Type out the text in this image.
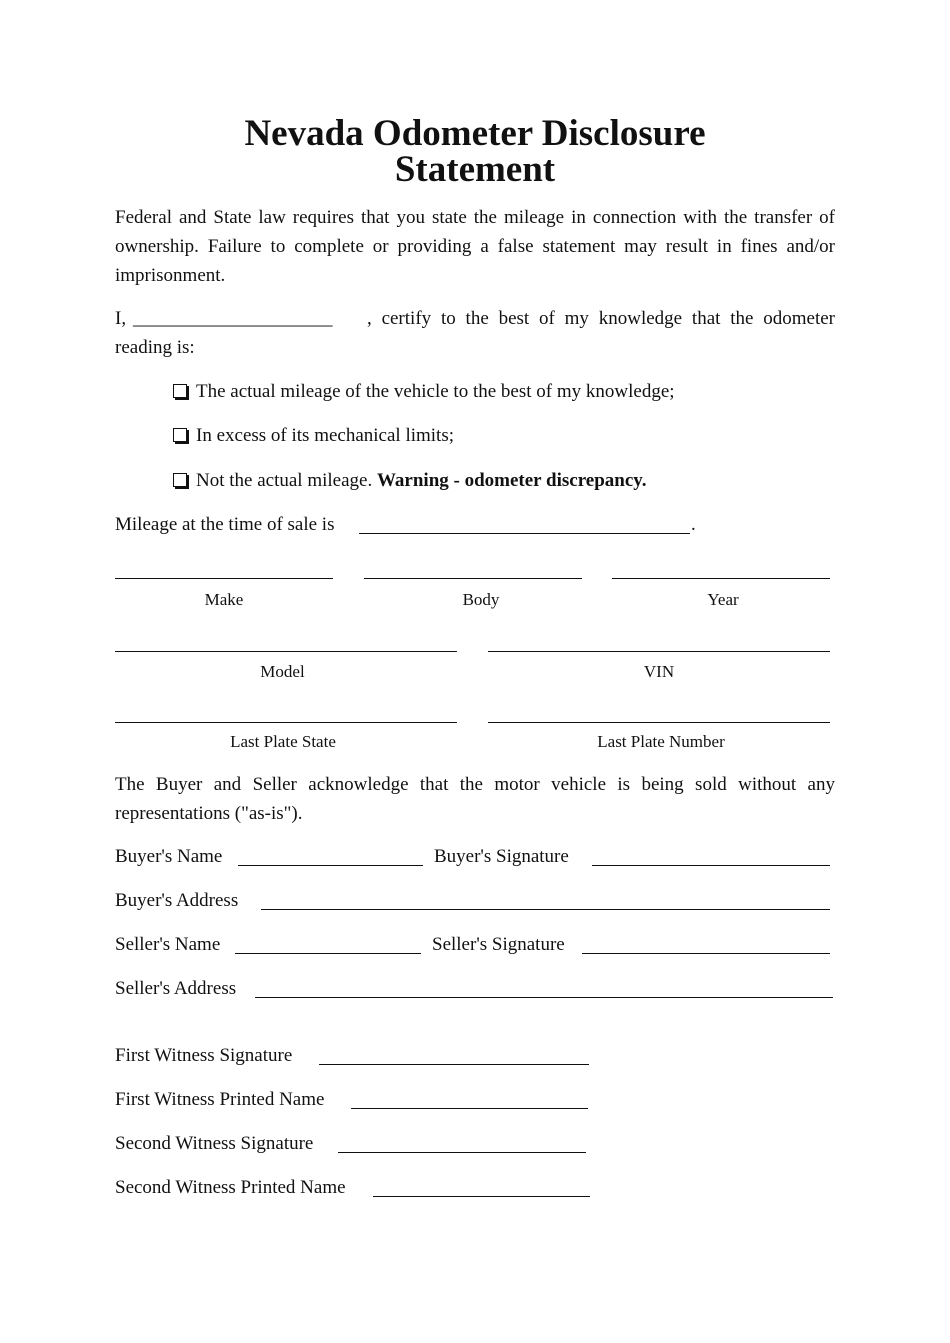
Nevada Odometer Disclosure
Statement
Federal and State law requires that you state the mileage in connection with the transfer of ownership. Failure to complete or providing a false statement may result in fines and/or imprisonment.
I, _____________________ , certify to the best of my knowledge that the odometer
reading is:
The actual mileage of the vehicle to the best of my knowledge;
In excess of its mechanical limits;
Not the actual mileage. Warning - odometer discrepancy.
Mileage at the time of sale is	.
Make	Body	Year
Model	VIN
Last Plate State	Last Plate Number
The Buyer and Seller acknowledge that the motor vehicle is being sold without any representations ("as-is").
Buyer's Name	Buyer's Signature
Buyer's Address
Seller's Name	Seller's Signature
Seller's Address
First Witness Signature
First Witness Printed Name
Second Witness Signature
Second Witness Printed Name
